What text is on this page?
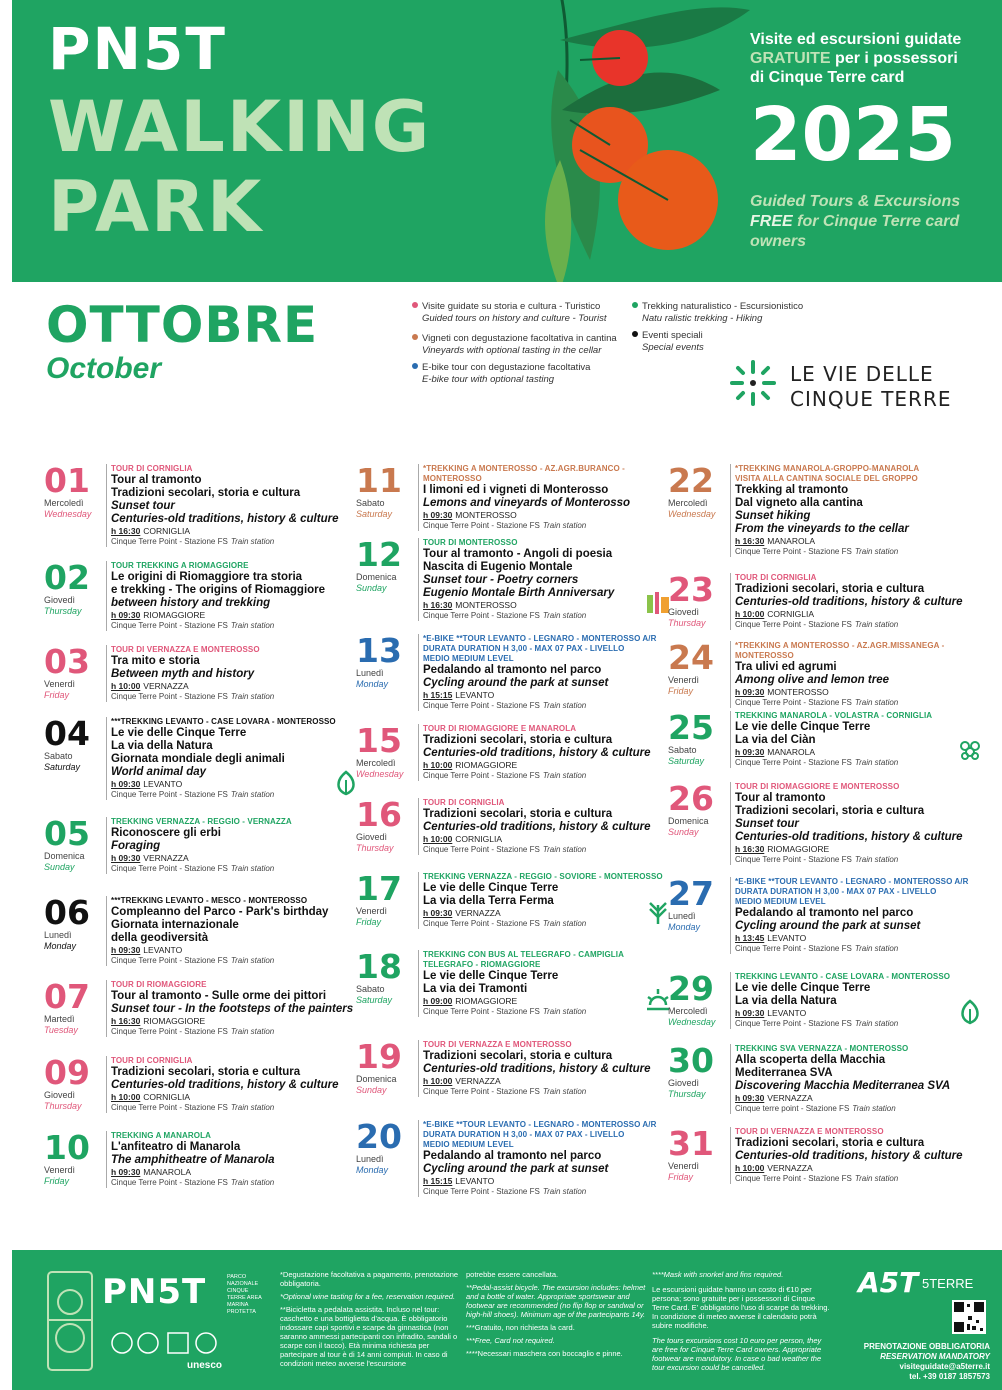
PN5T
WALKING
PARK
Visite ed escursioni guidate
GRATUITE per i possessori
di Cinque Terre card
2025
Guided Tours & Excursions
FREE for Cinque Terre card
owners
OTTOBRE
October
Visite guidate su storia e cultura - Turistico
Guided tours on history and culture - Tourist
Vigneti con degustazione facoltativa in cantina
Vineyards with optional tasting in the cellar
E-bike tour con degustazione facoltativa
E-bike tour with optional tasting
Trekking naturalistico - Escursionistico
Natu ralistic trekking - Hiking
Eventi speciali
Special events
LE VIE DELLE
CINQUE TERRE
01
Mercoledì
Wednesday
TOUR DI CORNIGLIA
Tour al tramonto
Tradizioni secolari, storia e cultura
Sunset tour
Centuries-old traditions, history & culture
h 16:30 CORNIGLIA
Cinque Terre Point - Stazione FS Train station
02
Giovedì
Thursday
TOUR TREKKING A RIOMAGGIORE
Le origini di Riomaggiore tra storia
e trekking - The origins of Riomaggiore
between history and trekking
h 09:30 RIOMAGGIORE
Cinque Terre Point - Stazione FS Train station
03
Venerdì
Friday
TOUR DI VERNAZZA E MONTEROSSO
Tra mito e storia
Between myth and history
h 10:00 VERNAZZA
Cinque Terre Point - Stazione FS Train station
04
Sabato
Saturday
***TREKKING LEVANTO - CASE LOVARA - MONTEROSSO
Le vie delle Cinque Terre
La via della Natura
Giornata mondiale degli animali
World animal day
h 09:30 LEVANTO
Cinque Terre Point - Stazione FS Train station
05
Domenica
Sunday
TREKKING VERNAZZA - REGGIO - VERNAZZA
Riconoscere gli erbi
Foraging
h 09:30 VERNAZZA
Cinque Terre Point - Stazione FS Train station
06
Lunedì
Monday
***TREKKING LEVANTO - MESCO - MONTEROSSO
Compleanno del Parco - Park's birthday
Giornata internazionale
della geodiversità
h 09:30 LEVANTO
Cinque Terre Point - Stazione FS Train station
07
Martedì
Tuesday
TOUR DI RIOMAGGIORE
Tour al tramonto - Sulle orme dei pittori
Sunset tour - In the footsteps of the painters
h 16:30 RIOMAGGIORE
Cinque Terre Point - Stazione FS Train station
09
Giovedì
Thursday
TOUR DI CORNIGLIA
Tradizioni secolari, storia e cultura
Centuries-old traditions, history & culture
h 10:00 CORNIGLIA
Cinque Terre Point - Stazione FS Train station
10
Venerdì
Friday
TREKKING A MANAROLA
L'anfiteatro di Manarola
The amphitheatre of Manarola
h 09:30 MANAROLA
Cinque Terre Point - Stazione FS Train station
11
Sabato
Saturday
*TREKKING A MONTEROSSO - AZ.AGR.BURANCO - MONTEROSSO
I limoni ed i vigneti di Monterosso
Lemons and vineyards of Monterosso
h 09:30 MONTEROSSO
Cinque Terre Point - Stazione FS Train station
12
Domenica
Sunday
TOUR DI MONTEROSSO
Tour al tramonto - Angoli di poesia
Nascita di Eugenio Montale
Sunset tour - Poetry corners
Eugenio Montale Birth Anniversary
h 16:30 MONTEROSSO
Cinque Terre Point - Stazione FS Train station
13
Lunedì
Monday
*E-BIKE **TOUR LEVANTO - LEGNARO - MONTEROSSO A/R
DURATA DURATION H 3,00 - MAX 07 PAX - LIVELLO
MEDIO MEDIUM LEVEL
Pedalando al tramonto nel parco
Cycling around the park at sunset
h 15:15 LEVANTO
Cinque Terre Point - Stazione FS Train station
15
Mercoledì
Wednesday
TOUR DI RIOMAGGIORE E MANAROLA
Tradizioni secolari, storia e cultura
Centuries-old traditions, history & culture
h 10:00 RIOMAGGIORE
Cinque Terre Point - Stazione FS Train station
16
Giovedì
Thursday
TOUR DI CORNIGLIA
Tradizioni secolari, storia e cultura
Centuries-old traditions, history & culture
h 10:00 CORNIGLIA
Cinque Terre Point - Stazione FS Train station
17
Venerdì
Friday
TREKKING VERNAZZA - REGGIO - SOVIORE - MONTEROSSO
Le vie delle Cinque Terre
La via della Terra Ferma
h 09:30 VERNAZZA
Cinque Terre Point - Stazione FS Train station
18
Sabato
Saturday
TREKKING CON BUS AL TELEGRAFO - CAMPIGLIA
TELEGRAFO - RIOMAGGIORE
Le vie delle Cinque Terre
La via dei Tramonti
h 09:00 RIOMAGGIORE
Cinque Terre Point - Stazione FS Train station
19
Domenica
Sunday
TOUR DI VERNAZZA E MONTEROSSO
Tradizioni secolari, storia e cultura
Centuries-old traditions, history & culture
h 10:00 VERNAZZA
Cinque Terre Point - Stazione FS Train station
20
Lunedì
Monday
*E-BIKE **TOUR LEVANTO - LEGNARO - MONTEROSSO A/R
DURATA DURATION H 3,00 - MAX 07 PAX - LIVELLO
MEDIO MEDIUM LEVEL
Pedalando al tramonto nel parco
Cycling around the park at sunset
h 15:15 LEVANTO
Cinque Terre Point - Stazione FS Train station
22
Mercoledì
Wednesday
*TREKKING MANAROLA-GROPPO-MANAROLA
VISITA ALLA CANTINA SOCIALE DEL GROPPO
Trekking al tramonto
Dal vigneto alla cantina
Sunset hiking
From the vineyards to the cellar
h 16:30 MANAROLA
Cinque Terre Point - Stazione FS Train station
23
Giovedì
Thursday
TOUR DI CORNIGLIA
Tradizioni secolari, storia e cultura
Centuries-old traditions, history & culture
h 10:00 CORNIGLIA
Cinque Terre Point - Stazione FS Train station
24
Venerdì
Friday
*TREKKING A MONTEROSSO - AZ.AGR.MISSANEGA - MONTEROSSO
Tra ulivi ed agrumi
Among olive and lemon tree
h 09:30 MONTEROSSO
Cinque Terre Point - Stazione FS Train station
25
Sabato
Saturday
TREKKING MANAROLA - VOLASTRA - CORNIGLIA
Le vie delle Cinque Terre
La via del Ciàn
h 09:30 MANAROLA
Cinque Terre Point - Stazione FS Train station
26
Domenica
Sunday
TOUR DI RIOMAGGIORE E MONTEROSSO
Tour al tramonto
Tradizioni secolari, storia e cultura
Sunset tour
Centuries-old traditions, history & culture
h 16:30 RIOMAGGIORE
Cinque Terre Point - Stazione FS Train station
27
Lunedì
Monday
*E-BIKE **TOUR LEVANTO - LEGNARO - MONTEROSSO A/R
DURATA DURATION H 3,00 - MAX 07 PAX - LIVELLO
MEDIO MEDIUM LEVEL
Pedalando al tramonto nel parco
Cycling around the park at sunset
h 13:45 LEVANTO
Cinque Terre Point - Stazione FS Train station
29
Mercoledì
Wednesday
TREKKING LEVANTO - CASE LOVARA - MONTEROSSO
Le vie delle Cinque Terre
La via della Natura
h 09:30 LEVANTO
Cinque Terre Point - Stazione FS Train station
30
Giovedì
Thursday
TREKKING SVA VERNAZZA - MONTEROSSO
Alla scoperta della Macchia
Mediterranea SVA
Discovering Macchia Mediterranea SVA
h 09:30 VERNAZZA
Cinque terre point - Stazione FS Train station
31
Venerdì
Friday
TOUR DI VERNAZZA E MONTEROSSO
Tradizioni secolari, storia e cultura
Centuries-old traditions, history & culture
h 10:00 VERNAZZA
Cinque Terre Point - Stazione FS Train station
PN5T	PARCO NAZIONALE CINQUE TERRE AREA MARINA PROTETTA
unesco
*Degustazione facoltativa a pagamento, prenotazione obbligatoria.
*Optional wine tasting for a fee, reservation required.
**Bicicletta a pedalata assistita. Incluso nel tour: caschetto e una bottiglietta d'acqua. È obbligatorio indossare capi sportivi e scarpe da ginnastica (non saranno ammessi partecipanti con infradito, sandali o scarpe con il tacco). Età minima richiesta per partecipare al tour è di 14 anni compiuti. In caso di condizioni meteo avverse l'escursione
potrebbe essere cancellata.
**Pedal-assist bicycle. The excursion includes: helmet and a bottle of water. Appropriate sportswear and footwear are recommended (no flip flop or sandwal or high-hill shoes). Minimum age of the partecipants 14y.
***Gratuito, non richiesta la card.
***Free, Card not required.
****Necessari maschera con boccaglio e pinne.
****Mask with snorkel and fins required.
Le escursioni guidate hanno un costo di €10 per persona; sono gratuite per i possessori di Cinque Terre Card. E' obbligatorio l'uso di scarpe da trekking. In condizione di meteo avverse il calendario potrà subire modifiche.
The tours excursions cost 10 euro per person, they are free for Cinque Terre Card owners. Appropriate footwear are mandatory. In case o bad weather the tour excursion could be cancelled.
A5T 5TERRE
PRENOTAZIONE OBBLIGATORIA
RESERVATION MANDATORY
visiteguidate@a5terre.it
tel. +39 0187 1857573
